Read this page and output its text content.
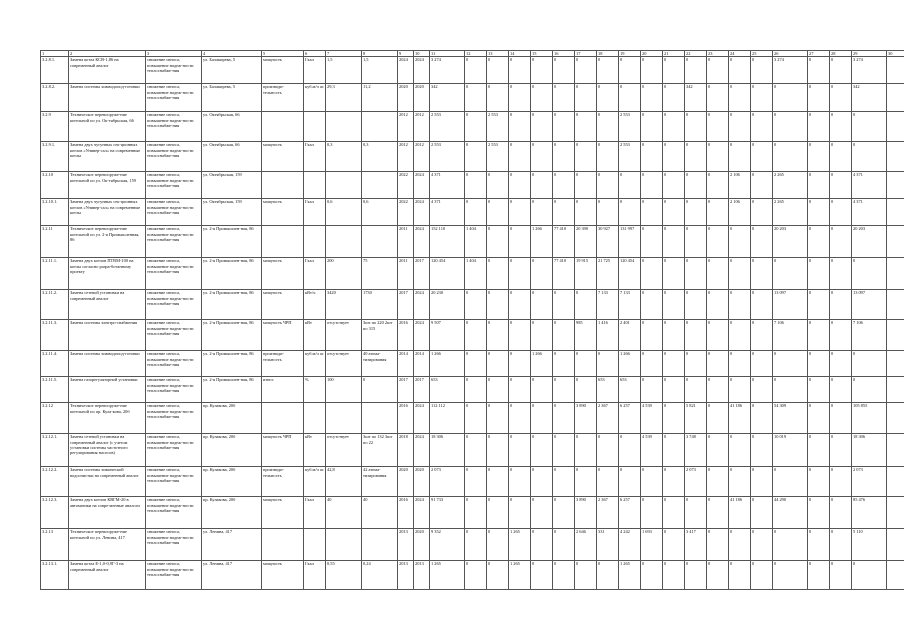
1	2	3	4	5	6	7	8	9	10	11	12	13	14	15	16	17	18	19	20	21	22	23	24	25	26	27	28	29	30
3.2.8.1.	Замена котла КСВ-1,86 на современный аналог	снижение износа, повышение надеж-ности теплоснабже-ния	ул. Балакирева, 5	мощность	Гкал	1,5	1,5	2024	2024	3 274	0	0	0	0	0	0	0	0	0	0	0	0	0	0	3 274	0	0	3 274	
3.2.8.2.	Замена системы химводопод-готовки	снижение износа, повышение надеж-ности теплоснабже-ния	ул. Балакирева, 5	производи-тельность	куб.м/ч ас	29,3	11,2	2020	2020	342	0	0	0	0	0	0	0	0	0	0	342	0	0	0	0	0	0	342	
3.2.9	Техническое перевооруже-ние котельной по ул. Ок-тябрьская, 66	снижение износа, повышение надеж-ности теплоснабже-ния	ул. Октябрьская, 66					2012	2012	2 553	0	2 553	0	0	0	0	0	2 553	0	0	0	0	0	0	0	0	0	0	
3.2.9.1.	Замена двух чугунных сек-ционных котлов «Универ-сал» на современные котлы	снижение износа, повышение надеж-ности теплоснабже-ния	ул. Октябрьская, 66	мощность	Гкал	0,3	0,3	2012	2012	2 553	0	2 553	0	0	0	0	0	2 553	0	0	0	0	0	0	0	0	0	0	
3.2.10	Техническое перевооруже-ние котельной по ул. Ок-тябрьская, 159	снижение износа, повышение надеж-ности теплоснабже-ния	ул. Октябрьская, 159					2022	2024	4 371	0	0	0	0	0	0	0	0	0	0	0	0	2 106	0	2 265	0	0	4 371	
3.2.10.1.	Замена двух чугунных сек-ционных котлов «Универ-сал» на современные котлы	снижение износа, повышение надеж-ности теплоснабже-ния	ул. Октябрьская, 159	мощность	Гкал	0,6	0,6	2022	2024	4 371	0	0	0	0	0	0	0	0	0	0	0	0	2 106	0	2 265	0	0	4 371	
3.2.11	Техническое перевооруже-ние котельной по ул. 2-я Промышленная, 86	снижение износа, повышение надеж-ности теплоснабже-ния	ул. 2-я Промышлен-ная, 86					2011	2024	152 110	1 404	0	0	1 266	77 410	20 390	30 927	131 997	0	0	0	0	0	0	20 203	0	0	20 203	
3.2.11.1.	Замена двух котлов ПТВМ-100 на котлы согласно разра-ботанному проекту	снижение износа, повышение надеж-ности теплоснабже-ния	ул. 2-я Промышлен-ная, 86	мощность	Гкал	200	75	2011	2017	120 454	1 404	0	0	0	77 410	19 915	21 725	120 454	0	0	0	0	0	0	0	0	0	0	
3.2.11.2.	Замена сетевой установки на современный аналог	снижение износа, повышение надеж-ности теплоснабже-ния	ул. 2-я Промышлен-ная, 86	мощность	кВт/ч	3420	1730	2017	2024	20 230	0	0	0	0	0	0	7 133	7 133	0	0	0	0	0	0	13 097	0	0	13 097	
3.2.11.3.	Замена системы электро-снабжения	снижение износа, повышение надеж-ности теплоснабже-ния	ул. 2-я Промышлен-ная, 86	мощность ЧРП	кВт	отсутствует	3шт по 220 2шт по 315	2016	2024	9 507	0	0	0	0	0	985	1 416	2 401	0	0	0	0	0	0	7 106	0	0	7 106	
3.2.11.4.	Замена системы химводопод-готовки	снижение износа, повышение надеж-ности теплоснабже-ния	ул. 2-я Промышлен-ная, 86	производи-тельность	куб.м/ч ас	отсутствует	40 атомa-тизирования	2014	2014	1 266	0	0	0	1 266	0	0	0	1 266	0	0	0	0	0	0	0	0	0	0	
3.2.11.5.	Замена газорегуляторной установки	снижение износа, повышение надеж-ности теплоснабже-ния	ул. 2-я Промышлен-ная, 86	износ	%	100	0	2017	2017	653	0	0	0	0	0	0	653	653	0	0	0	0	0	0	0	0	0	0	
3.2.12	Техническое перевооруже-ние котельной по пр. Кула-кова, 20б	снижение износа, повышение надеж-ности теплоснабже-ния	пр. Кулакова, 20б					2016	2024	112 112	0	0	0	0	0	3 890	2 367	6 257	4 539	0	5 821	0	41 186	0	54 309	0	0	105 855	
3.2.12.1.	Замена сетевой установки на современный аналог (с учетом установки системы частотного регулирования насосов)	снижение износа, повышение надеж-ности теплоснабже-ния	пр. Кулакова, 20б	мощность ЧРП	кВт	отсутствует	3шт по 132 3шт по 22	2018	2024	18 306	0	0	0	0	0	0	0	0	4 539	0	3 748	0	0	0	10 019	0	0	18 306	
3.2.12.2.	Замена системы химической водоочистки на современный аналог	снижение износа, повышение надеж-ности теплоснабже-ния	пр. Кулакова, 20б	производи-тельность	куб.м/ч ас	42,8	42 атомa-тизирования	2020	2020	2 073	0	0	0	0	0	0	0	0	0	0	2 073	0	0	0	0	0	0	2 073	
3.2.12.3.	Замена двух котлов КВГМ-20 в автоматики на совре-менные аналоги	снижение износа, повышение надеж-ности теплоснабже-ния	пр. Кулакова, 20б	мощность	Гкал	40	40	2016	2024	91 733	0	0	0	0	0	3 890	2 367	6 257	0	0	0	0	41 186	0	44 290	0	0	85 476	
3.2.13	Техническое перевооруже-ние котельной по ул. Ленина, 417	снижение износа, повышение надеж-ности теплоснабже-ния	ул. Ленина, 417					2013	2020	9 352	0	0	1 265	0	0	2 646	331	4 242	1 693	0	3 417	0	0	0	0	0	0	5 110	
3.2.13.1.	Замена котла Е-1,0-0,9Г-3 на современный аналог	снижение износа, повышение надеж-ности теплоснабже-ния	ул. Ленина, 417	мощность	Гкал	0,55	0,24	2013	2013	1 265	0	0	1 265	0	0	0	0	1 265	0	0	0	0	0	0	0	0	0	0	
